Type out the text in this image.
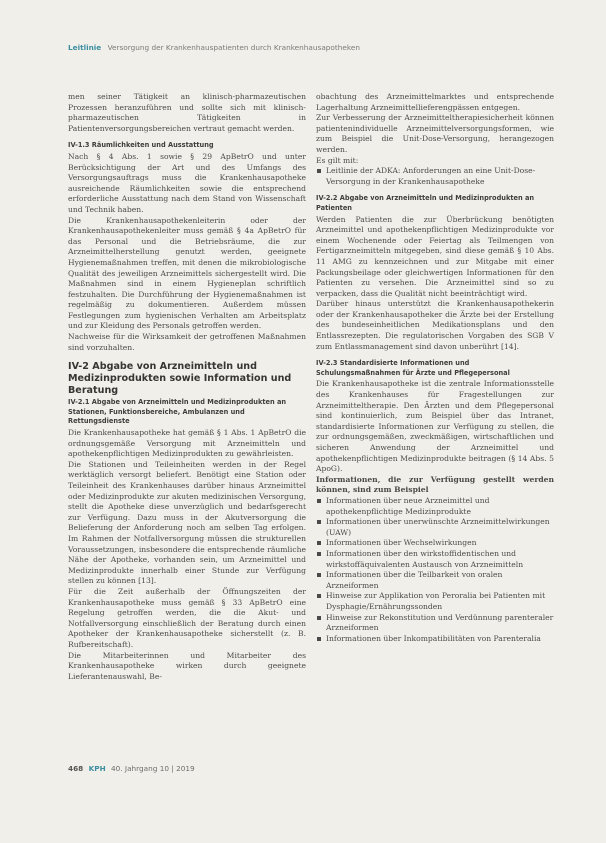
Leitlinie Versorgung der Krankenhauspatienten durch Krankenhausapotheken

men seiner Tätigkeit an klinisch-pharmazeutischen Prozessen heranzuführen und sollte sich mit klinisch-pharmazeutischen Tätigkeiten in Patientenversorgungsbereichen vertraut gemacht werden.

IV-1.3 Räumlichkeiten und Ausstattung

Nach § 4 Abs. 1 sowie § 29 ApBetrO und unter Berücksichtigung der Art und des Umfangs des Versorgungsauftrags muss die Krankenhausapotheke ausreichende Räumlichkeiten sowie die entsprechend erforderliche Ausstattung nach dem Stand von Wissenschaft und Technik haben.

Die Krankenhausapothekenleiterin oder der Krankenhausapothekenleiter muss gemäß § 4a ApBetrO für das Personal und die Betriebsräume, die zur Arzneimittelherstellung genutzt werden, geeignete Hygienemaßnahmen treffen, mit denen die mikrobiologische Qualität des jeweiligen Arzneimittels sichergestellt wird. Die Maßnahmen sind in einem Hygieneplan schriftlich festzuhalten. Die Durchführung der Hygienemaßnahmen ist regelmäßig zu dokumentieren. Außerdem müssen Festlegungen zum hygienischen Verhalten am Arbeitsplatz und zur Kleidung des Personals getroffen werden.

Nachweise für die Wirksamkeit der getroffenen Maßnahmen sind vorzuhalten.

IV-2 Abgabe von Arzneimitteln und Medizinprodukten sowie Information und Beratung
IV-2.1 Abgabe von Arzneimitteln und Medizinprodukten an Stationen, Funktionsbereiche, Ambulanzen und Rettungsdienste

Die Krankenhausapotheke hat gemäß § 1 Abs. 1 ApBetrO die ordnungsgemäße Versorgung mit Arzneimitteln und apothekenpflichtigen Medizinprodukten zu gewährleisten.

Die Stationen und Teileinheiten werden in der Regel werktäglich versorgt beliefert. Benötigt eine Station oder Teileinheit des Krankenhauses darüber hinaus Arzneimittel oder Medizinprodukte zur akuten medizinischen Versorgung, stellt die Apotheke diese unverzüglich und bedarfsgerecht zur Verfügung. Dazu muss in der Akutversorgung die Belieferung der Anforderung noch am selben Tag erfolgen. Im Rahmen der Notfallversorgung müssen die strukturellen Voraussetzungen, insbesondere die entsprechende räumliche Nähe der Apotheke, vorhanden sein, um Arzneimittel und Medizinprodukte innerhalb einer Stunde zur Verfügung stellen zu können [13].

Für die Zeit außerhalb der Öffnungszeiten der Krankenhausapotheke muss gemäß § 33 ApBetrO eine Regelung getroffen werden, die die Akut- und Notfallversorgung einschließlich der Beratung durch einen Apotheker der Krankenhausapotheke sicherstellt (z. B. Rufbereitschaft).

Die Mitarbeiterinnen und Mitarbeiter des Krankenhausapotheke wirken durch geeignete Lieferantenauswahl, Be-

obachtung des Arzneimittelmarktes und entsprechende Lagerhaltung Arzneimittellieferengpässen entgegen.

Zur Verbesserung der Arzneimitteltherapiesicherheit können patientenindividuelle Arzneimittelversorgungsformen, wie zum Beispiel die Unit-Dose-Versorgung, herangezogen werden.

Es gilt mit:

Leitlinie der ADKA: Anforderungen an eine Unit-Dose-Versorgung in der Krankenhausapotheke
IV-2.2 Abgabe von Arzneimitteln und Medizinprodukten an Patienten

Werden Patienten die zur Überbrückung benötigten Arzneimittel und apothekenpflichtigen Medizinprodukte vor einem Wochenende oder Feiertag als Teilmengen von Fertigarzneimitteln mitgegeben, sind diese gemäß § 10 Abs. 11 AMG zu kennzeichnen und zur Mitgabe mit einer Packungsbeilage oder gleichwertigen Informationen für den Patienten zu versehen. Die Arzneimittel sind so zu verpacken, dass die Qualität nicht beeinträchtigt wird.

Darüber hinaus unterstützt die Krankenhausapothekerin oder der Krankenhausapotheker die Ärzte bei der Erstellung des bundeseinheitlichen Medikationsplans und den Entlassrezepten. Die regulatorischen Vorgaben des SGB V zum Entlassmanagement sind davon unberührt [14].

IV-2.3 Standardisierte Informationen und Schulungsmaßnahmen für Ärzte und Pflegepersonal

Die Krankenhausapotheke ist die zentrale Informationsstelle des Krankenhauses für Fragestellungen zur Arzneimitteltherapie. Den Ärzten und dem Pflegepersonal sind kontinuierlich, zum Beispiel über das Intranet, standardisierte Informationen zur Verfügung zu stellen, die zur ordnungsgemäßen, zweckmäßigen, wirtschaftlichen und sicheren Anwendung der Arzneimittel und apothekenpflichtigen Medizinprodukte beitragen (§ 14 Abs. 5 ApoG).

Informationen, die zur Verfügung gestellt werden können, sind zum Beispiel

Informationen über neue Arzneimittel und apothekenpflichtige Medizinprodukte
Informationen über unerwünschte Arzneimittelwirkungen (UAW)
Informationen über Wechselwirkungen
Informationen über den wirkstoffidentischen und wirkstoffäquivalenten Austausch von Arzneimitteln
Informationen über die Teilbarkeit von oralen Arzneiformen
Hinweise zur Applikation von Peroralia bei Patienten mit Dysphagie/Ernährungssonden
Hinweise zur Rekonstitution und Verdünnung parenteraler Arzneiformen
Informationen über Inkompatibilitäten von Parenteralia
468 KPH 40. Jahrgang 10 | 2019
